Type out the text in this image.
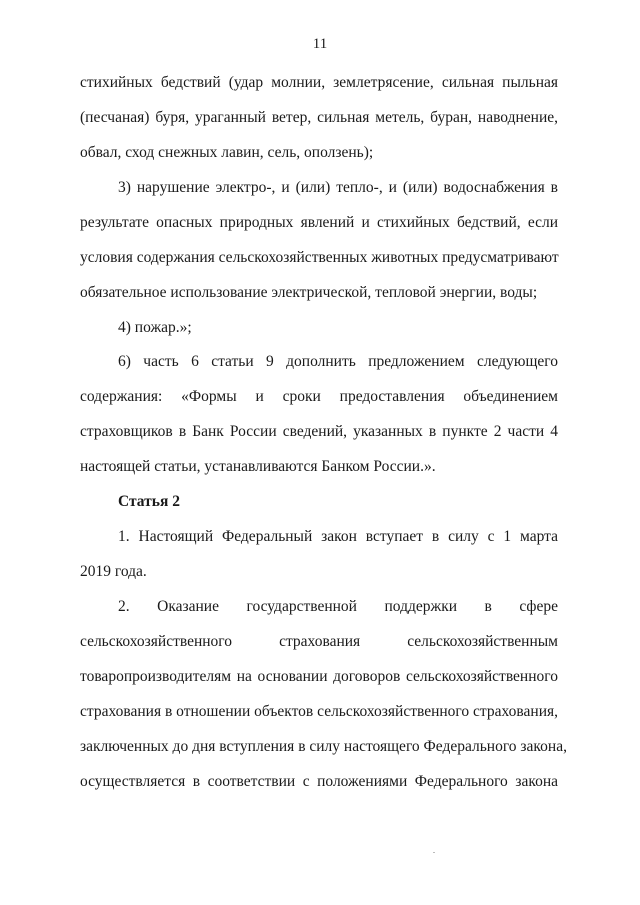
11
стихийных бедствий (удар молнии, землетрясение, сильная пыльная
(песчаная) буря, ураганный ветер, сильная метель, буран, наводнение,
обвал, сход снежных лавин, сель, оползень);
3) нарушение электро-, и (или) тепло-, и (или) водоснабжения в
результате опасных природных явлений и стихийных бедствий, если
условия содержания сельскохозяйственных животных предусматривают
обязательное использование электрической, тепловой энергии, воды;
4) пожар.»;
6) часть 6 статьи 9 дополнить предложением следующего
содержания: «Формы и сроки предоставления объединением
страховщиков в Банк России сведений, указанных в пункте 2 части 4
настоящей статьи, устанавливаются Банком России.».
Статья 2
1. Настоящий Федеральный закон вступает в силу с 1 марта
2019 года.
2. Оказание государственной поддержки в сфере
сельскохозяйственного страхования сельскохозяйственным
товаропроизводителям на основании договоров сельскохозяйственного
страхования в отношении объектов сельскохозяйственного страхования,
заключенных до дня вступления в силу настоящего Федерального закона,
осуществляется в соответствии с положениями Федерального закона
